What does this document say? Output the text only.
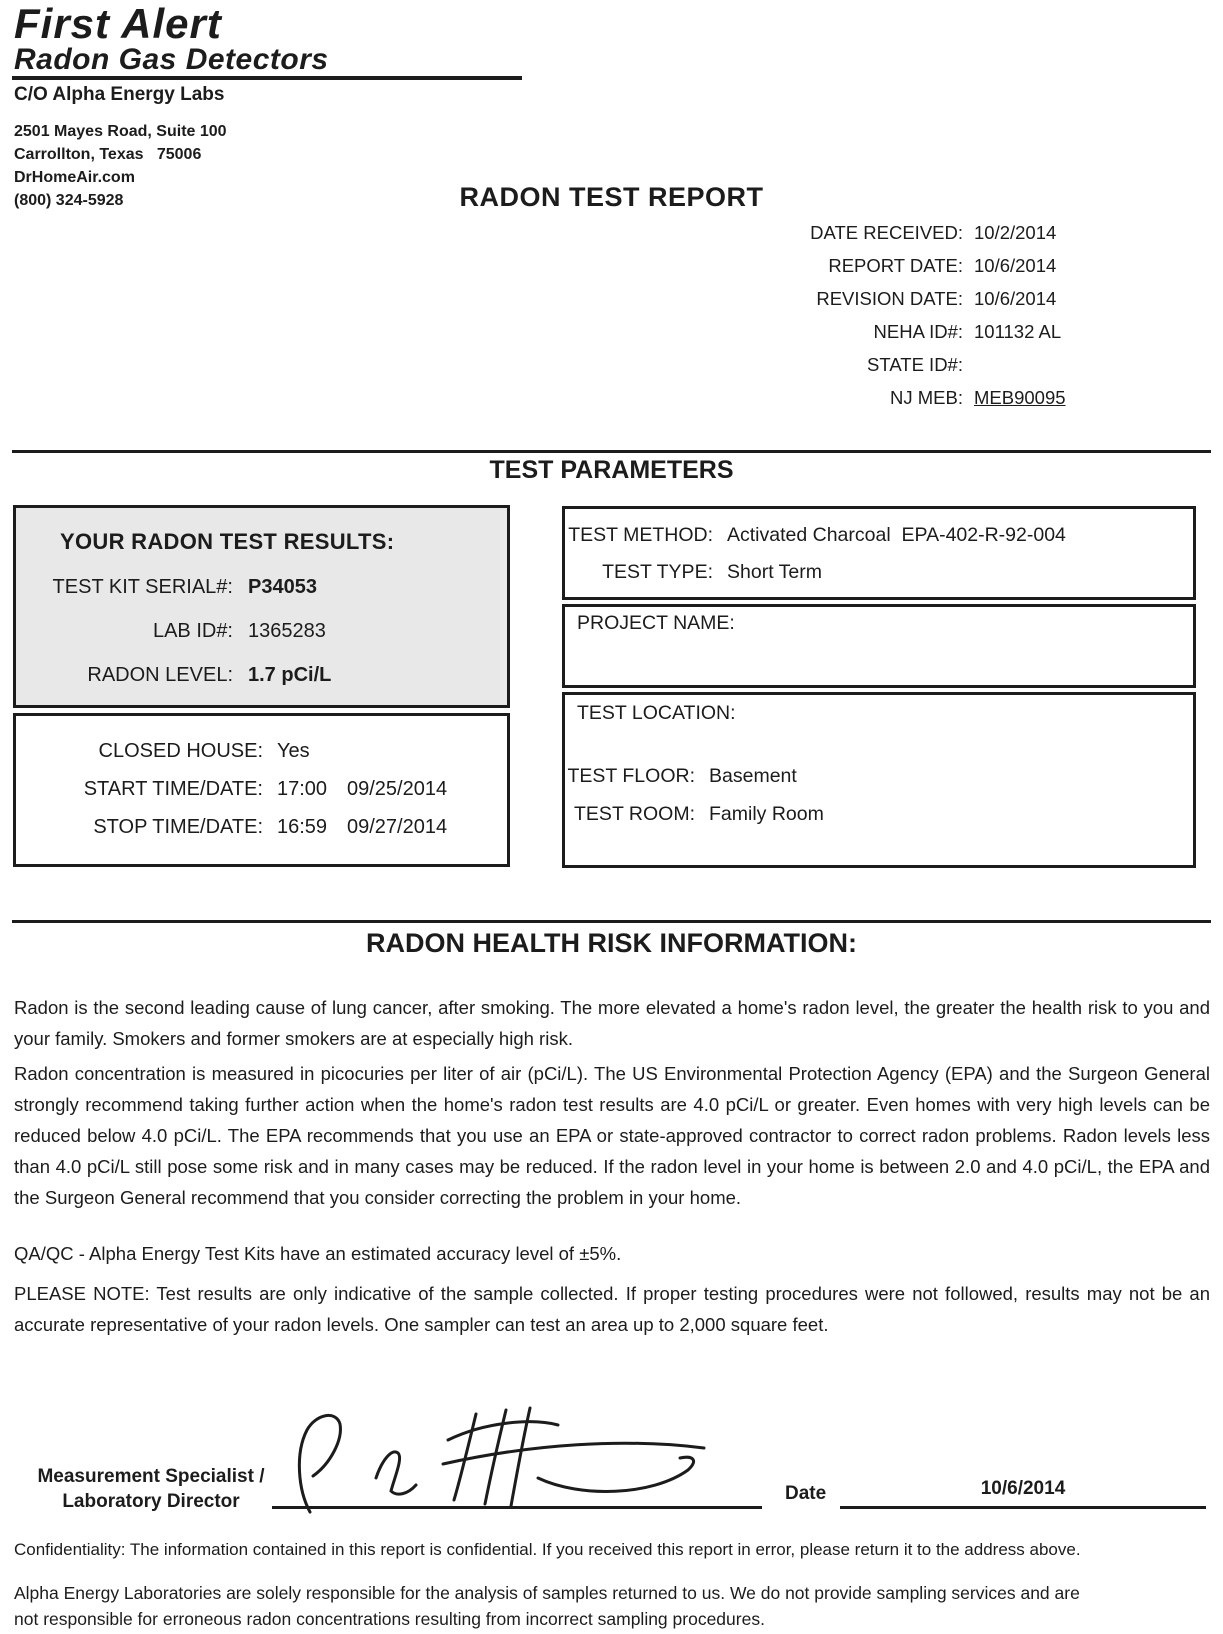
First Alert
Radon Gas Detectors
C/O Alpha Energy Labs
2501 Mayes Road, Suite 100
Carrollton, Texas   75006
DrHomeAir.com
(800) 324-5928	RADON TEST REPORT
DATE RECEIVED: 10/2/2014
REPORT DATE: 10/6/2014
REVISION DATE: 10/6/2014
NEHA ID#: 101132 AL
STATE ID#:
NJ MEB: MEB90095
TEST PARAMETERS
YOUR RADON TEST RESULTS:
TEST KIT SERIAL#: P34053
LAB ID#: 1365283
RADON LEVEL: 1.7 pCi/L
CLOSED HOUSE: Yes
START TIME/DATE: 17:00 09/25/2014
STOP TIME/DATE: 16:59 09/27/2014
TEST METHOD: Activated Charcoal  EPA-402-R-92-004
TEST TYPE: Short Term
PROJECT NAME:
TEST LOCATION:
TEST FLOOR: Basement
TEST ROOM: Family Room
RADON HEALTH RISK INFORMATION:
Radon is the second leading cause of lung cancer, after smoking. The more elevated a home's radon level, the greater the health risk to you and your family. Smokers and former smokers are at especially high risk.
Radon concentration is measured in picocuries per liter of air (pCi/L). The US Environmental Protection Agency (EPA) and the Surgeon General strongly recommend taking further action when the home's radon test results are 4.0 pCi/L or greater. Even homes with very high levels can be reduced below 4.0 pCi/L. The EPA recommends that you use an EPA or state-approved contractor to correct radon problems. Radon levels less than 4.0 pCi/L still pose some risk and in many cases may be reduced. If the radon level in your home is between 2.0 and 4.0 pCi/L, the EPA and the Surgeon General recommend that you consider correcting the problem in your home.
QA/QC - Alpha Energy Test Kits have an estimated accuracy level of ±5%.
PLEASE NOTE: Test results are only indicative of the sample collected. If proper testing procedures were not followed, results may not be an accurate representative of your radon levels. One sampler can test an area up to 2,000 square feet.
Measurement Specialist /
Laboratory Director	Date	10/6/2014
Confidentiality: The information contained in this report is confidential. If you received this report in error, please return it to the address above.
Alpha Energy Laboratories are solely responsible for the analysis of samples returned to us. We do not provide sampling services and are not responsible for erroneous radon concentrations resulting from incorrect sampling procedures.
